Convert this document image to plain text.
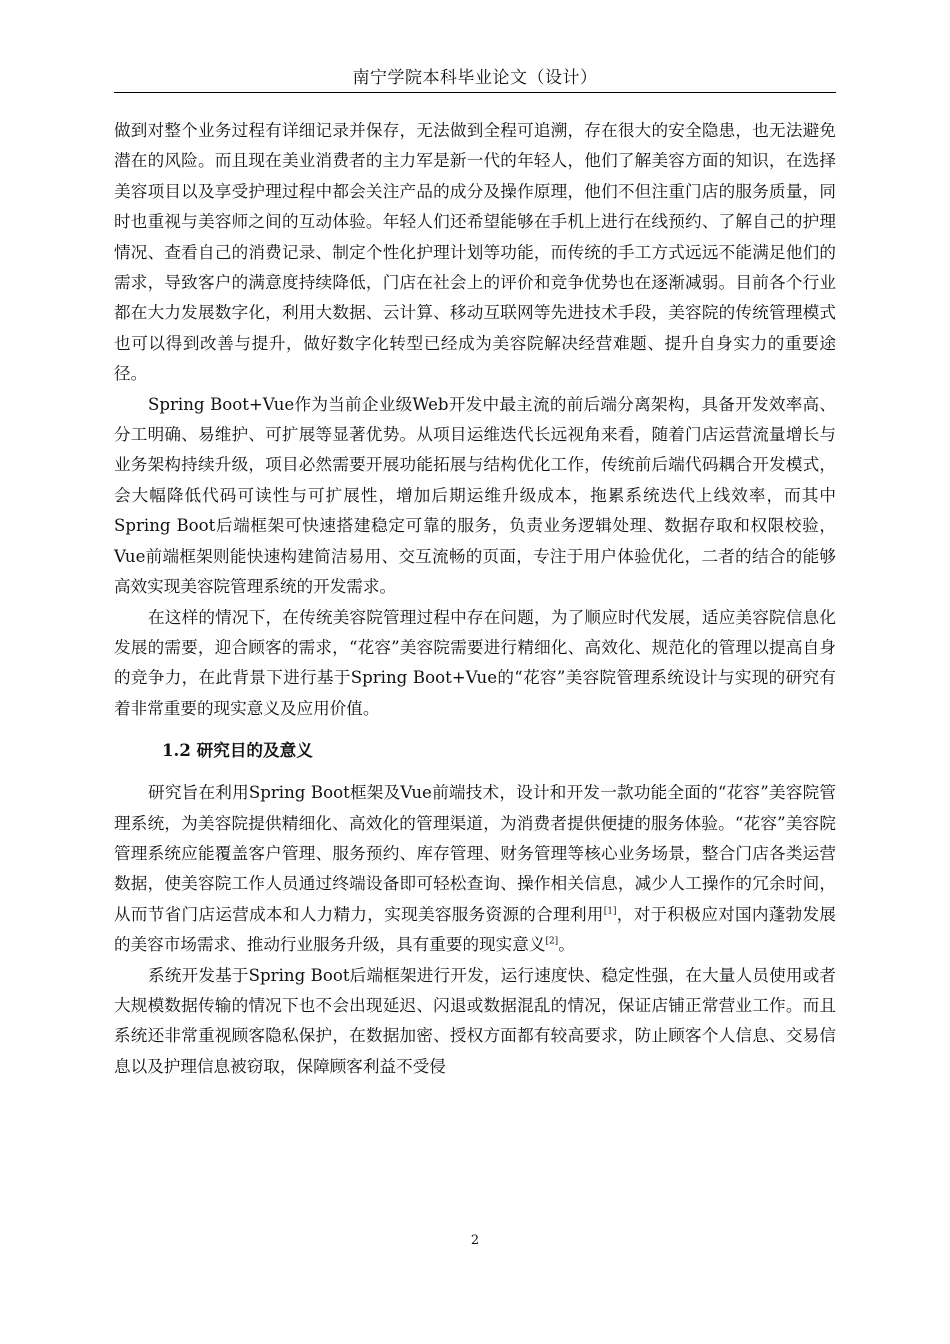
南宁学院本科毕业论文（设计）

做到对整个业务过程有详细记录并保存，无法做到全程可追溯，存在很大的安全隐患，也无法避免潜在的风险。而且现在美业消费者的主力军是新一代的年轻人，他们了解美容方面的知识，在选择美容项目以及享受护理过程中都会关注产品的成分及操作原理，他们不但注重门店的服务质量，同时也重视与美容师之间的互动体验。年轻人们还希望能够在手机上进行在线预约、了解自己的护理情况、查看自己的消费记录、制定个性化护理计划等功能，而传统的手工方式远远不能满足他们的需求，导致客户的满意度持续降低，门店在社会上的评价和竞争优势也在逐渐减弱。目前各个行业都在大力发展数字化，利用大数据、云计算、移动互联网等先进技术手段，美容院的传统管理模式也可以得到改善与提升，做好数字化转型已经成为美容院解决经营难题、提升自身实力的重要途径。

Spring Boot+Vue作为当前企业级Web开发中最主流的前后端分离架构，具备开发效率高、分工明确、易维护、可扩展等显著优势。从项目运维迭代长远视角来看，随着门店运营流量增长与业务架构持续升级，项目必然需要开展功能拓展与结构优化工作，传统前后端代码耦合开发模式，会大幅降低代码可读性与可扩展性，增加后期运维升级成本，拖累系统迭代上线效率，而其中Spring Boot后端框架可快速搭建稳定可靠的服务，负责业务逻辑处理、数据存取和权限校验，Vue前端框架则能快速构建简洁易用、交互流畅的页面，专注于用户体验优化，二者的结合的能够高效实现美容院管理系统的开发需求。

在这样的情况下，在传统美容院管理过程中存在问题，为了顺应时代发展，适应美容院信息化发展的需要，迎合顾客的需求，“花容”美容院需要进行精细化、高效化、规范化的管理以提高自身的竞争力，在此背景下进行基于Spring Boot+Vue的“花容”美容院管理系统设计与实现的研究有着非常重要的现实意义及应用价值。

1.2 研究目的及意义

研究旨在利用Spring Boot框架及Vue前端技术，设计和开发一款功能全面的“花容”美容院管理系统，为美容院提供精细化、高效化的管理渠道，为消费者提供便捷的服务体验。“花容”美容院管理系统应能覆盖客户管理、服务预约、库存管理、财务管理等核心业务场景，整合门店各类运营数据，使美容院工作人员通过终端设备即可轻松查询、操作相关信息，减少人工操作的冗余时间，从而节省门店运营成本和人力精力，实现美容服务资源的合理利用[1]，对于积极应对国内蓬勃发展的美容市场需求、推动行业服务升级，具有重要的现实意义[2]。

系统开发基于Spring Boot后端框架进行开发，运行速度快、稳定性强，在大量人员使用或者大规模数据传输的情况下也不会出现延迟、闪退或数据混乱的情况，保证店铺正常营业工作。而且系统还非常重视顾客隐私保护，在数据加密、授权方面都有较高要求，防止顾客个人信息、交易信息以及护理信息被窃取，保障顾客利益不受侵

2
